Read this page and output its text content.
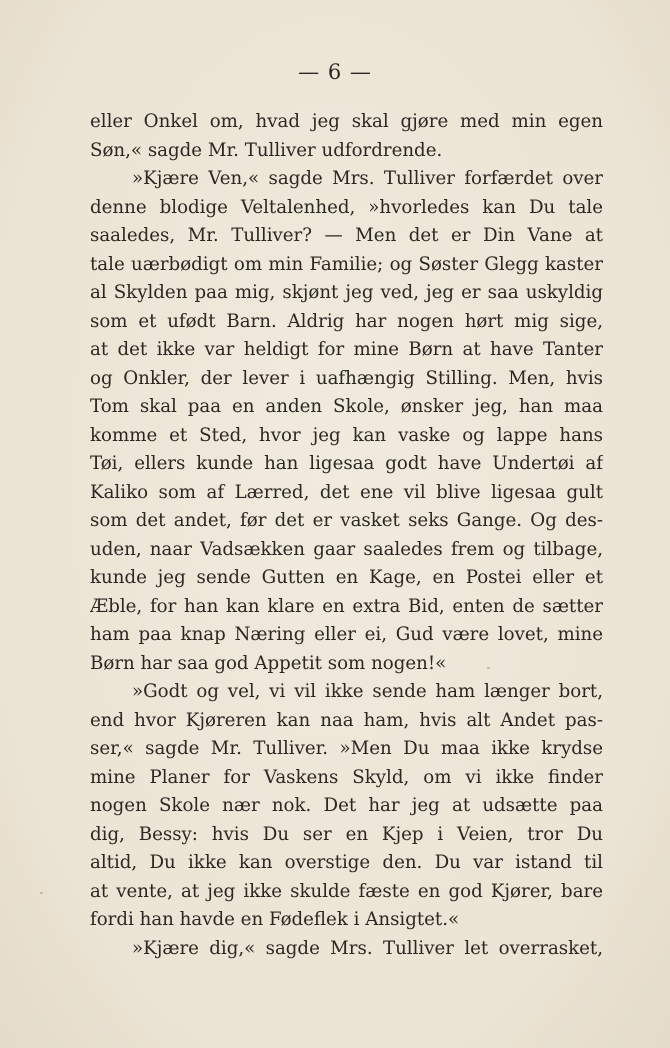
— 6 —
eller Onkel om, hvad jeg skal gjøre med min egen
Søn,« sagde Mr. Tulliver udfordrende.
»Kjære Ven,« sagde Mrs. Tulliver forfærdet over
denne blodige Veltalenhed, »hvorledes kan Du tale
saaledes, Mr. Tulliver? — Men det er Din Vane at
tale uærbødigt om min Familie; og Søster Glegg kaster
al Skylden paa mig, skjønt jeg ved, jeg er saa uskyldig
som et ufødt Barn. Aldrig har nogen hørt mig sige,
at det ikke var heldigt for mine Børn at have Tanter
og Onkler, der lever i uafhængig Stilling. Men, hvis
Tom skal paa en anden Skole, ønsker jeg, han maa
komme et Sted, hvor jeg kan vaske og lappe hans
Tøi, ellers kunde han ligesaa godt have Undertøi af
Kaliko som af Lærred, det ene vil blive ligesaa gult
som det andet, før det er vasket seks Gange. Og des-
uden, naar Vadsækken gaar saaledes frem og tilbage,
kunde jeg sende Gutten en Kage, en Postei eller et
Æble, for han kan klare en extra Bid, enten de sætter
ham paa knap Næring eller ei, Gud være lovet, mine
Børn har saa god Appetit som nogen!«
»Godt og vel, vi vil ikke sende ham længer bort,
end hvor Kjøreren kan naa ham, hvis alt Andet pas-
ser,« sagde Mr. Tulliver. »Men Du maa ikke krydse
mine Planer for Vaskens Skyld, om vi ikke finder
nogen Skole nær nok. Det har jeg at udsætte paa
dig, Bessy: hvis Du ser en Kjep i Veien, tror Du
altid, Du ikke kan overstige den. Du var istand til
at vente, at jeg ikke skulde fæste en god Kjører, bare
fordi han havde en Fødeflek i Ansigtet.«
»Kjære dig,« sagde Mrs. Tulliver let overrasket,
